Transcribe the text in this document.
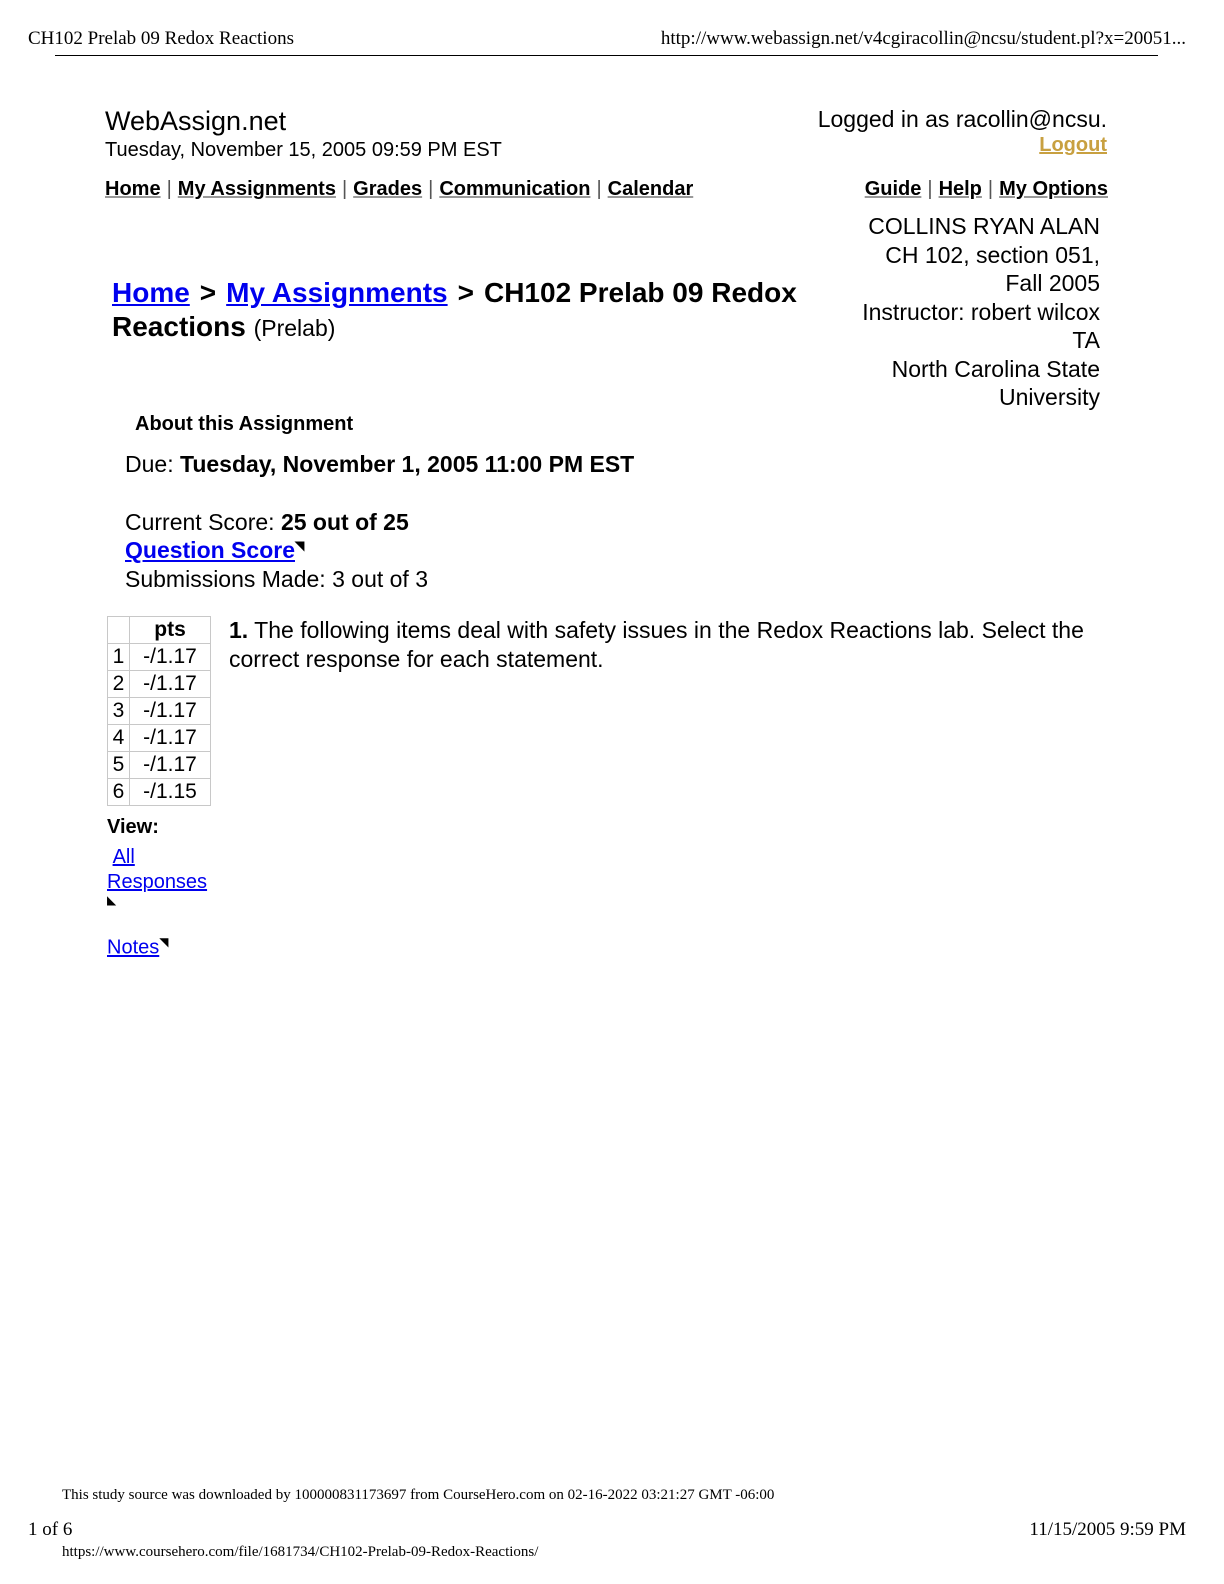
CH102 Prelab 09 Redox Reactions	http://www.webassign.net/v4cgiracollin@ncsu/student.pl?x=20051...
WebAssign.net
Tuesday, November 15, 2005 09:59 PM EST
Logged in as racollin@ncsu.
Logout
Home | My Assignments | Grades | Communication | Calendar	Guide | Help | My Options
COLLINS RYAN ALAN
CH 102, section 051,
Fall 2005
Instructor: robert wilcox
TA
North Carolina State
University
Home > My Assignments > CH102 Prelab 09 Redox Reactions (Prelab)
About this Assignment
Due: Tuesday, November 1, 2005 11:00 PM EST
Current Score: 25 out of 25
Question Score◥
Submissions Made: 3 out of 3
	pts
1	-/1.17
2	-/1.17
3	-/1.17
4	-/1.17
5	-/1.17
6	-/1.15
View:
All
Responses
◣
Notes◥
1. The following items deal with safety issues in the Redox Reactions lab. Select the correct response for each statement.
This study source was downloaded by 100000831173697 from CourseHero.com on 02-16-2022 03:21:27 GMT -06:00
1 of 6	11/15/2005 9:59 PM
https://www.coursehero.com/file/1681734/CH102-Prelab-09-Redox-Reactions/
